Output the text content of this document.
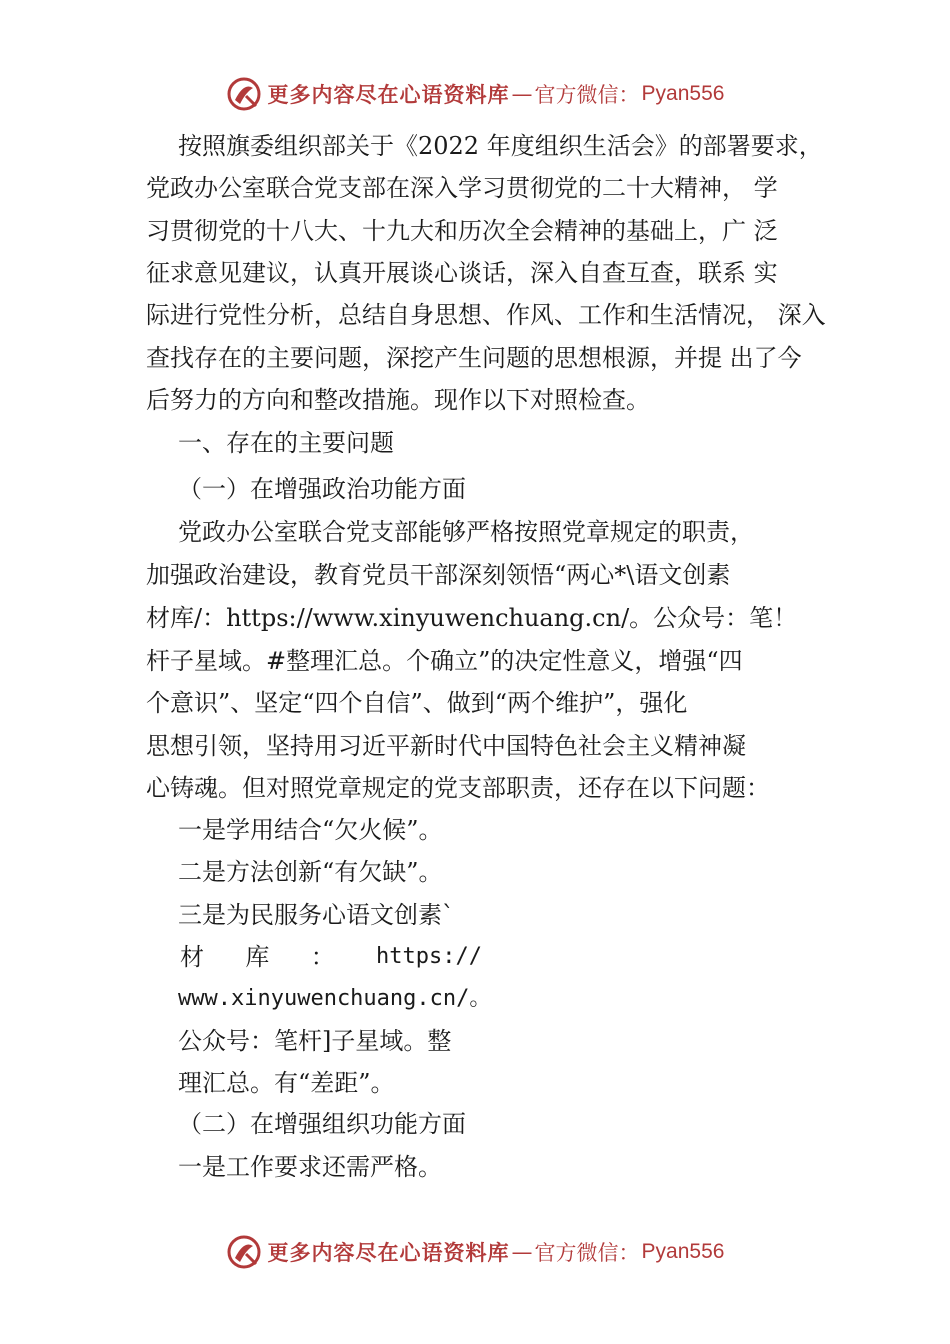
更多内容尽在心语资料库 — 官方微信： Pyan556
按照旗委组织部关于《2022 年度组织生活会》的部署要求，
党政办公室联合党支部在深入学习贯彻党的二十大精神， 学
习贯彻党的十八大、十九大和历次全会精神的基础上，广 泛
征求意见建议，认真开展谈心谈话，深入自查互查，联系 实
际进行党性分析，总结自身思想、作风、工作和生活情况， 深入
查找存在的主要问题，深挖产生问题的思想根源，并提 出了今
后努力的方向和整改措施。现作以下对照检查。
一、存在的主要问题
（一）在增强政治功能方面
党政办公室联合党支部能够严格按照党章规定的职责，
加强政治建设，教育党员干部深刻领悟“两心*\语文创素
材库/：https://www.xinyuwenchuang.cn/。公众号：笔！
杆子星域。#整理汇总。个确立”的决定性意义，增强“四
个意识”、坚定“四个自信”、做到“两个维护”，强化
思想引领，坚持用习近平新时代中国特色社会主义精神凝
心铸魂。但对照党章规定的党支部职责，还存在以下问题：
一是学用结合“欠火候”。
二是方法创新“有欠缺”。
三是为民服务心语文创素`
材 库 ： https://
www.xinyuwenchuang.cn/。
公众号：笔杆]子星域。整
理汇总。有“差距”。
（二）在增强组织功能方面
一是工作要求还需严格。
更多内容尽在心语资料库 — 官方微信： Pyan556
